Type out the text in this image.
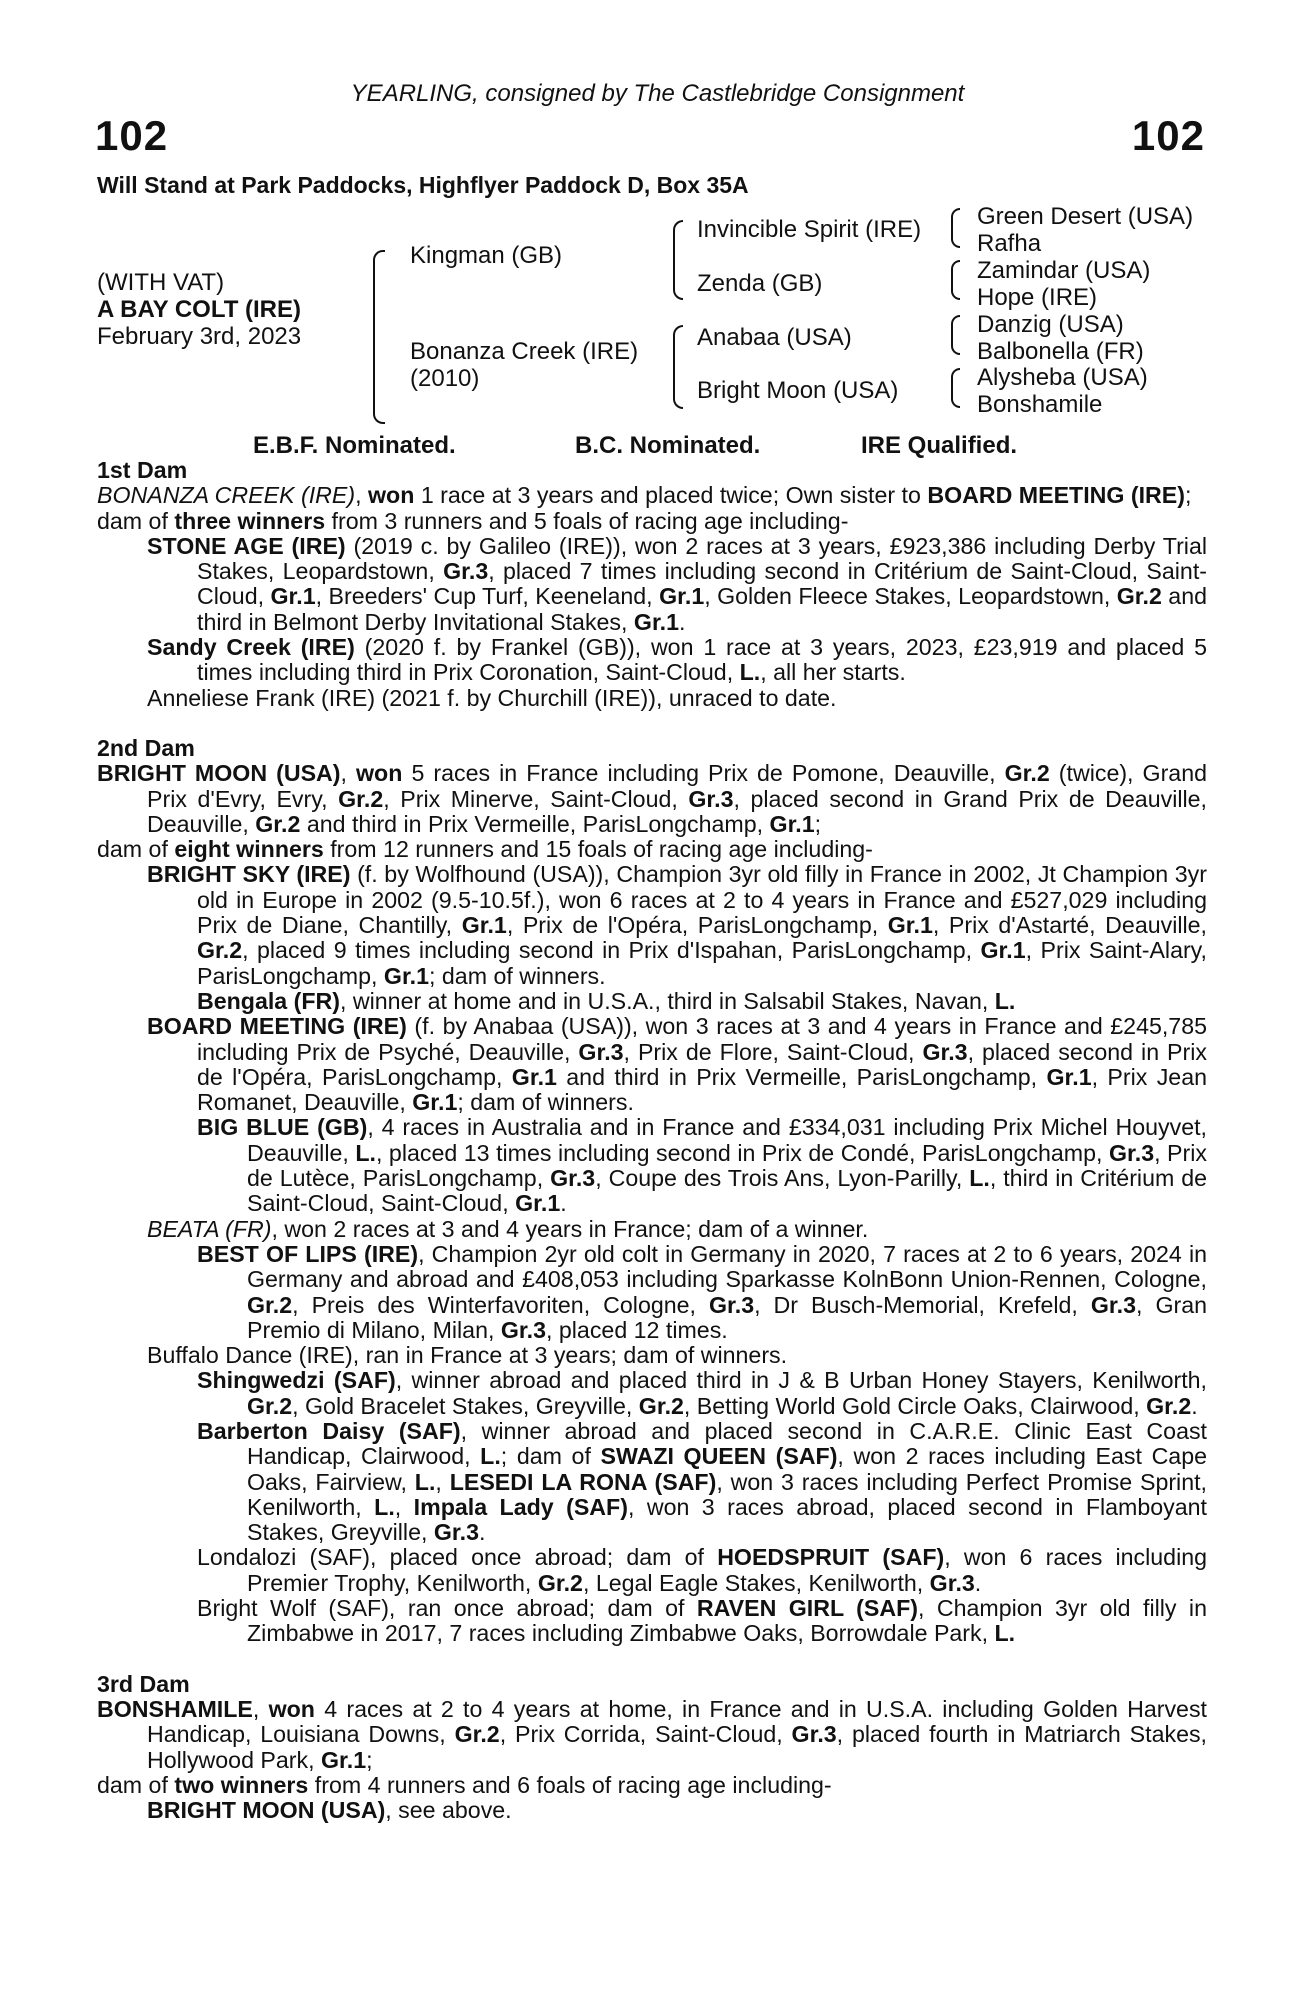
YEARLING, consigned by The Castlebridge Consignment
102	102
Will Stand at Park Paddocks, Highflyer Paddock D, Box 35A
(WITH VAT)
A BAY COLT (IRE)
February 3rd, 2023
Kingman (GB)
Bonanza Creek (IRE)
(2010)
Invincible Spirit (IRE)
Zenda (GB)
Anabaa (USA)
Bright Moon (USA)
Green Desert (USA)
Rafha
Zamindar (USA)
Hope (IRE)
Danzig (USA)
Balbonella (FR)
Alysheba (USA)
Bonshamile
E.B.F. Nominated.	B.C. Nominated.	IRE Qualified.

1st Dam

BONANZA CREEK (IRE), won 1 race at 3 years and placed twice; Own sister to BOARD MEETING (IRE);

dam of three winners from 3 runners and 5 foals of racing age including-

STONE AGE (IRE) (2019 c. by Galileo (IRE)), won 2 races at 3 years, £923,386 including Derby Trial Stakes, Leopardstown, Gr.3, placed 7 times including second in Critérium de Saint-Cloud, Saint-Cloud, Gr.1, Breeders' Cup Turf, Keeneland, Gr.1, Golden Fleece Stakes, Leopardstown, Gr.2 and third in Belmont Derby Invitational Stakes, Gr.1.

Sandy Creek (IRE) (2020 f. by Frankel (GB)), won 1 race at 3 years, 2023, £23,919 and placed 5 times including third in Prix Coronation, Saint-Cloud, L., all her starts.

Anneliese Frank (IRE) (2021 f. by Churchill (IRE)), unraced to date.

2nd Dam

BRIGHT MOON (USA), won 5 races in France including Prix de Pomone, Deauville, Gr.2 (twice), Grand Prix d'Evry, Evry, Gr.2, Prix Minerve, Saint-Cloud, Gr.3, placed second in Grand Prix de Deauville, Deauville, Gr.2 and third in Prix Vermeille, ParisLongchamp, Gr.1;

dam of eight winners from 12 runners and 15 foals of racing age including-

BRIGHT SKY (IRE) (f. by Wolfhound (USA)), Champion 3yr old filly in France in 2002, Jt Champion 3yr old in Europe in 2002 (9.5-10.5f.), won 6 races at 2 to 4 years in France and £527,029 including Prix de Diane, Chantilly, Gr.1, Prix de l'Opéra, ParisLongchamp, Gr.1, Prix d'Astarté, Deauville, Gr.2, placed 9 times including second in Prix d'Ispahan, ParisLongchamp, Gr.1, Prix Saint-Alary, ParisLongchamp, Gr.1; dam of winners.

Bengala (FR), winner at home and in U.S.A., third in Salsabil Stakes, Navan, L.

BOARD MEETING (IRE) (f. by Anabaa (USA)), won 3 races at 3 and 4 years in France and £245,785 including Prix de Psyché, Deauville, Gr.3, Prix de Flore, Saint-Cloud, Gr.3, placed second in Prix de l'Opéra, ParisLongchamp, Gr.1 and third in Prix Vermeille, ParisLongchamp, Gr.1, Prix Jean Romanet, Deauville, Gr.1; dam of winners.

BIG BLUE (GB), 4 races in Australia and in France and £334,031 including Prix Michel Houyvet, Deauville, L., placed 13 times including second in Prix de Condé, ParisLongchamp, Gr.3, Prix de Lutèce, ParisLongchamp, Gr.3, Coupe des Trois Ans, Lyon-Parilly, L., third in Critérium de Saint-Cloud, Saint-Cloud, Gr.1.

BEATA (FR), won 2 races at 3 and 4 years in France; dam of a winner.

BEST OF LIPS (IRE), Champion 2yr old colt in Germany in 2020, 7 races at 2 to 6 years, 2024 in Germany and abroad and £408,053 including Sparkasse KolnBonn Union-Rennen, Cologne, Gr.2, Preis des Winterfavoriten, Cologne, Gr.3, Dr Busch-Memorial, Krefeld, Gr.3, Gran Premio di Milano, Milan, Gr.3, placed 12 times.

Buffalo Dance (IRE), ran in France at 3 years; dam of winners.

Shingwedzi (SAF), winner abroad and placed third in J & B Urban Honey Stayers, Kenilworth, Gr.2, Gold Bracelet Stakes, Greyville, Gr.2, Betting World Gold Circle Oaks, Clairwood, Gr.2.

Barberton Daisy (SAF), winner abroad and placed second in C.A.R.E. Clinic East Coast Handicap, Clairwood, L.; dam of SWAZI QUEEN (SAF), won 2 races including East Cape Oaks, Fairview, L., LESEDI LA RONA (SAF), won 3 races including Perfect Promise Sprint, Kenilworth, L., Impala Lady (SAF), won 3 races abroad, placed second in Flamboyant Stakes, Greyville, Gr.3.

Londalozi (SAF), placed once abroad; dam of HOEDSPRUIT (SAF), won 6 races including Premier Trophy, Kenilworth, Gr.2, Legal Eagle Stakes, Kenilworth, Gr.3.

Bright Wolf (SAF), ran once abroad; dam of RAVEN GIRL (SAF), Champion 3yr old filly in Zimbabwe in 2017, 7 races including Zimbabwe Oaks, Borrowdale Park, L.

3rd Dam

BONSHAMILE, won 4 races at 2 to 4 years at home, in France and in U.S.A. including Golden Harvest Handicap, Louisiana Downs, Gr.2, Prix Corrida, Saint-Cloud, Gr.3, placed fourth in Matriarch Stakes, Hollywood Park, Gr.1;

dam of two winners from 4 runners and 6 foals of racing age including-

BRIGHT MOON (USA), see above.
